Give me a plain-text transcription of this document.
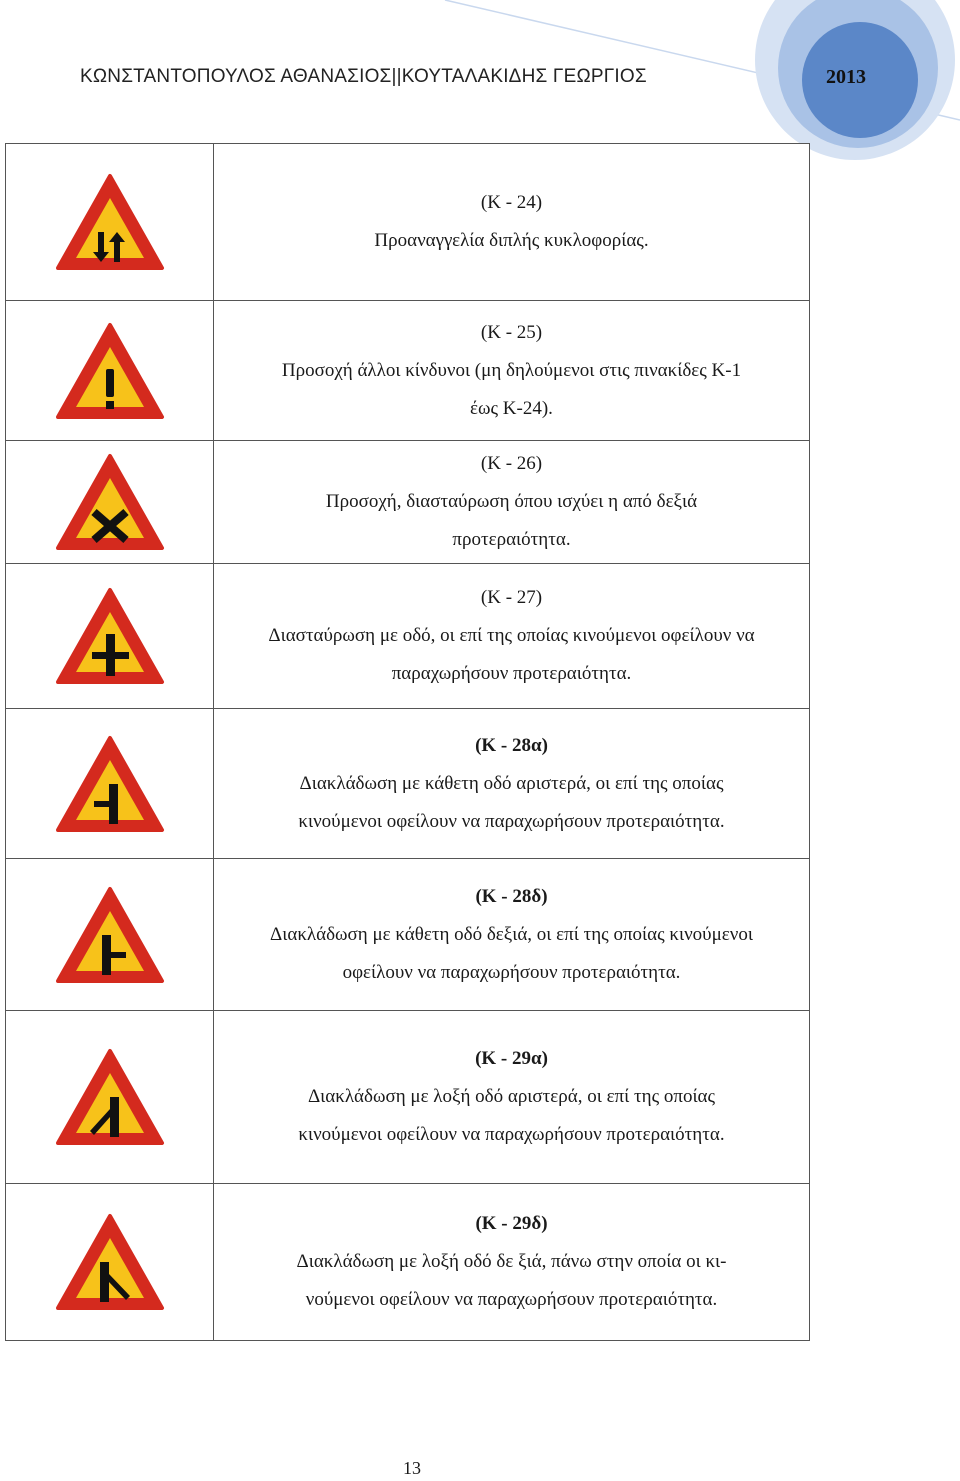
ΚΩΝΣΤΑΝΤΟΠΟΥΛΟΣ ΑΘΑΝΑΣΙΟΣ||ΚΟΥΤΑΛΑΚΙΔΗΣ ΓΕΩΡΓΙΟΣ	2013

(Κ - 24)
Προαναγγελία διπλής κυκλοφορίας.

(Κ - 25)
Προσοχή άλλοι κίνδυνοι (μη δηλούμενοι στις πινακίδες Κ-1
έως Κ-24).

(Κ - 26)
Προσοχή, διασταύρωση όπου ισχύει η από δεξιά
προτεραιότητα.

(Κ - 27)
Διασταύρωση με οδό, οι επί της οποίας κινούμενοι οφείλουν να
παραχωρήσουν προτεραιότητα.

(Κ - 28α)
Διακλάδωση με κάθετη οδό αριστερά, οι επί της οποίας
κινούμενοι οφείλουν να παραχωρήσουν προτεραιότητα.

(Κ - 28δ)
Διακλάδωση με κάθετη οδό δεξιά, οι επί της οποίας κινούμενοι
οφείλουν να παραχωρήσουν προτεραιότητα.

(Κ - 29α)
Διακλάδωση με λοξή οδό αριστερά, οι επί της οποίας
κινούμενοι οφείλουν να παραχωρήσουν προτεραιότητα.

(Κ - 29δ)
Διακλάδωση με λοξή οδό δε ξιά, πάνω στην οποία οι κι-
νούμενοι οφείλουν να παραχωρήσουν προτεραιότητα.
13
